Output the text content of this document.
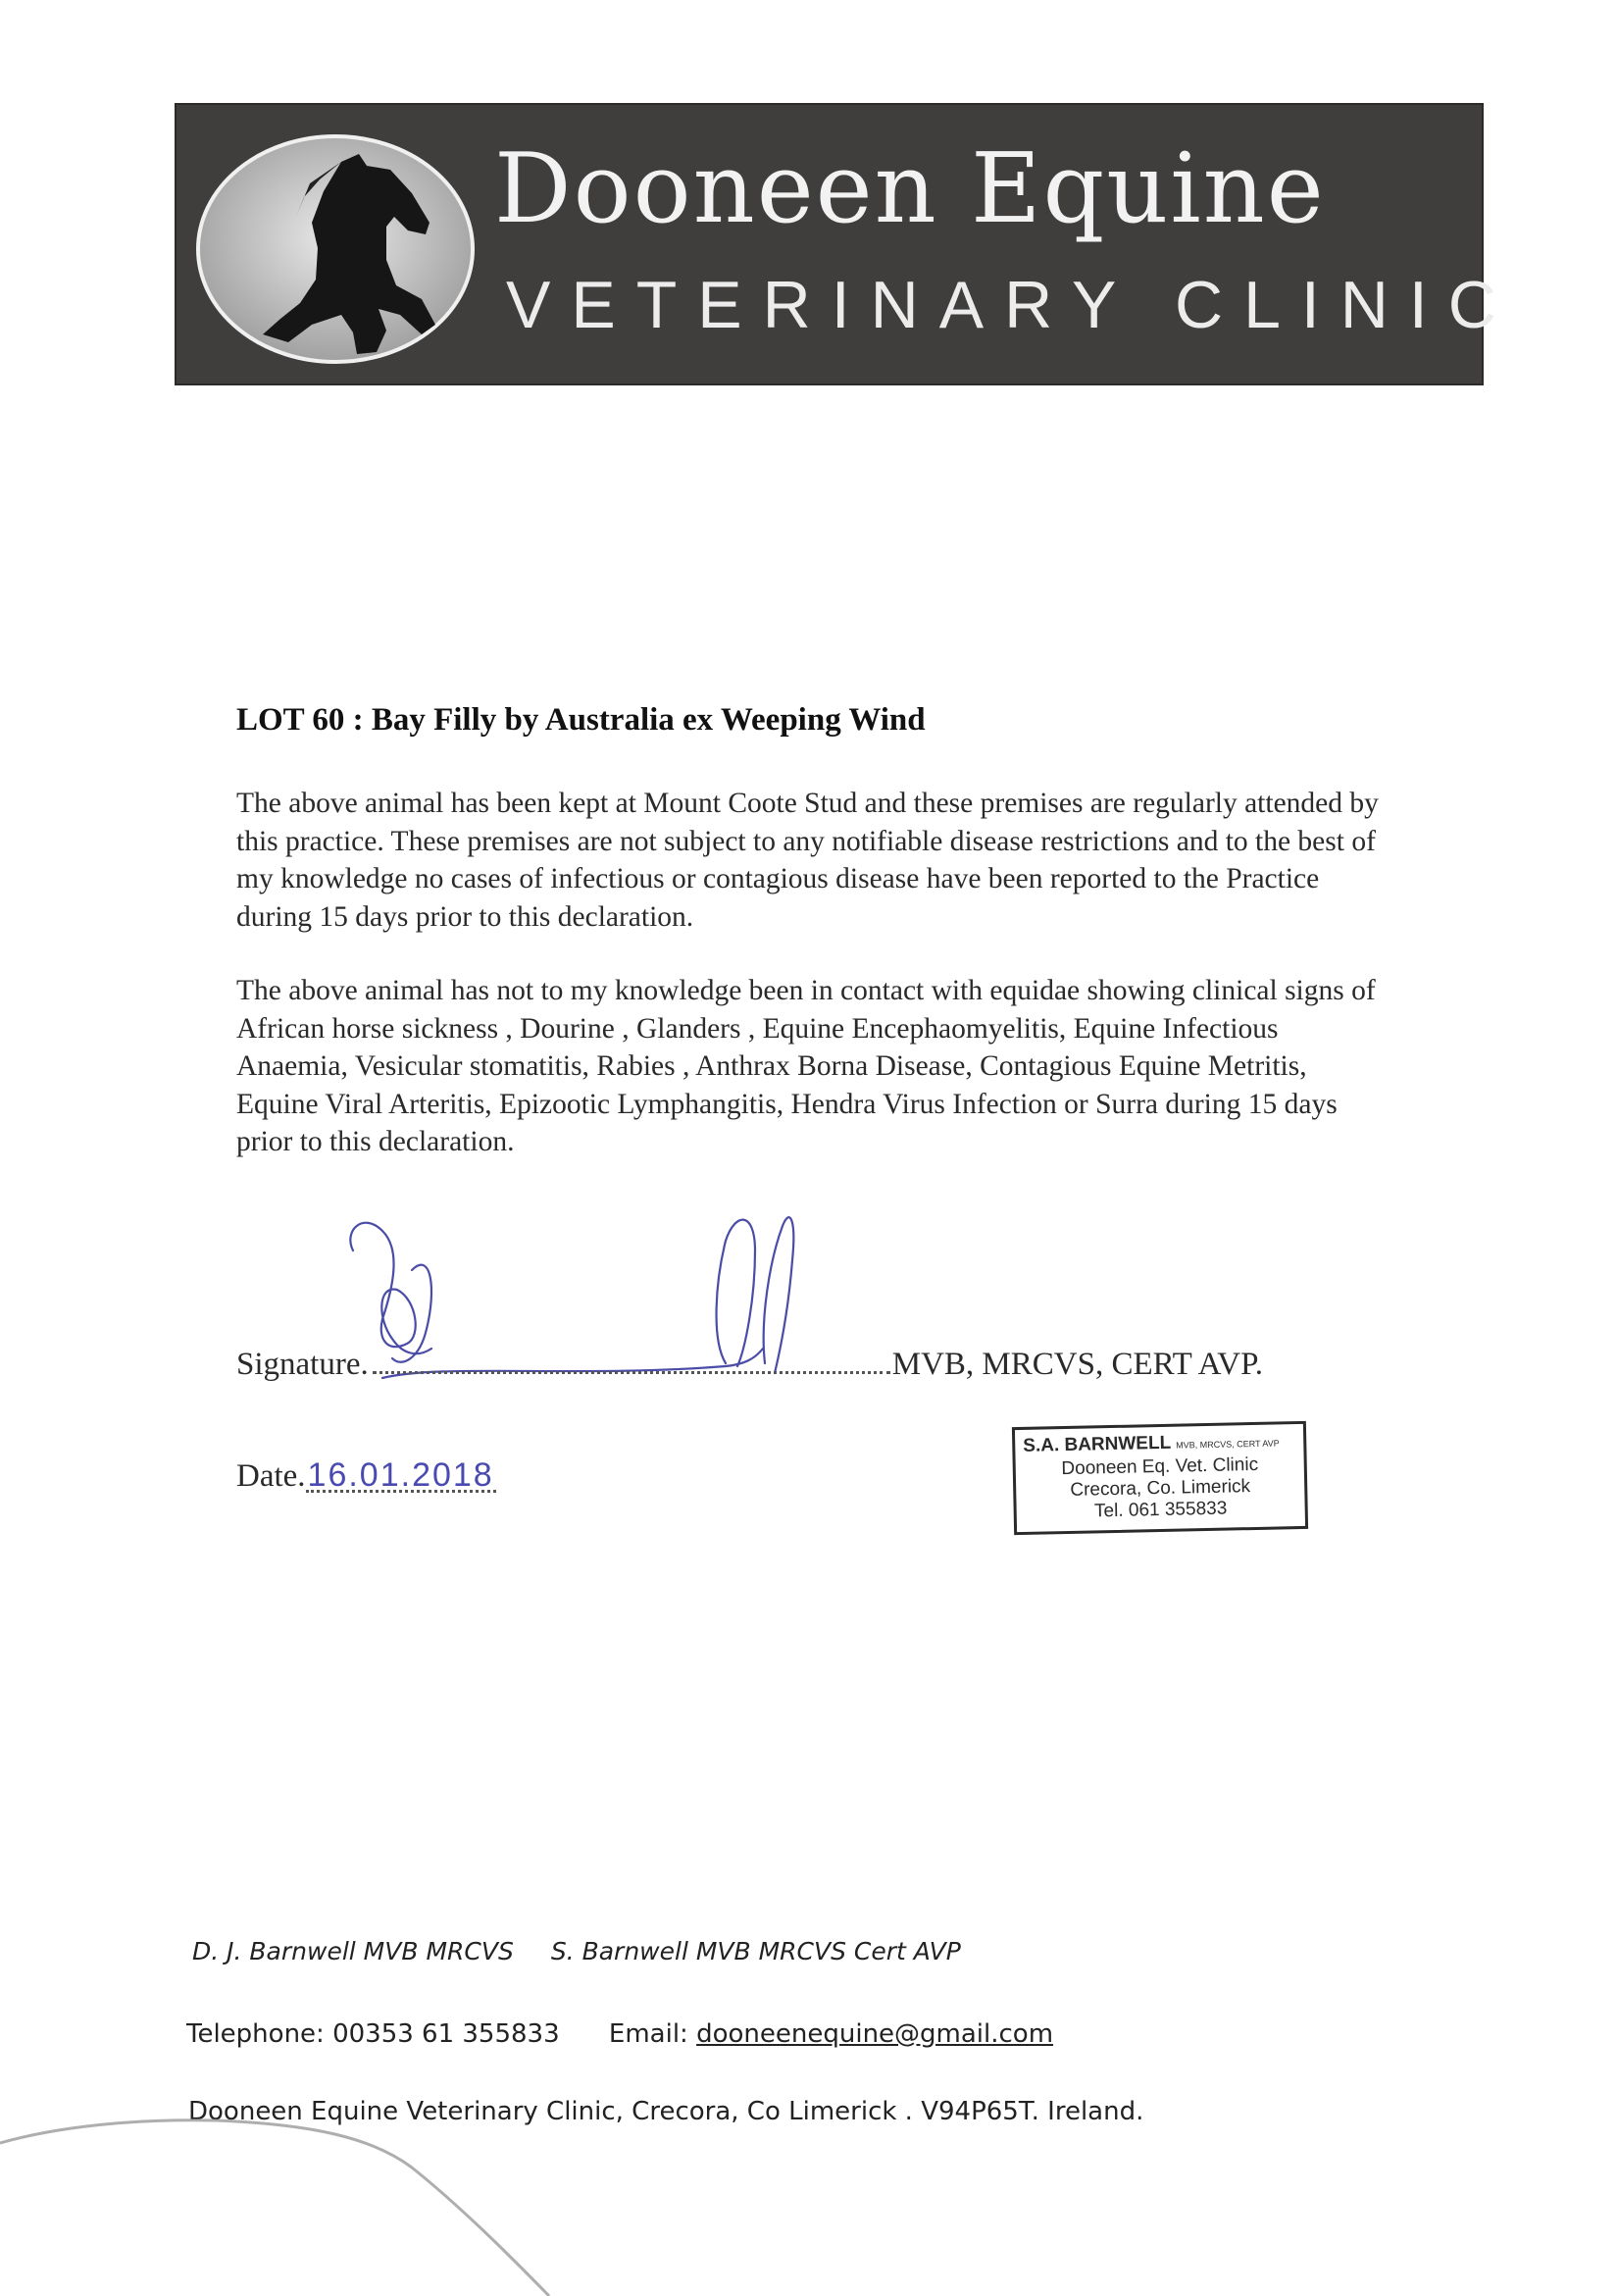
Dooneen Equine
VETERINARY CLINIC
LOT 60 : Bay Filly by Australia ex Weeping Wind
The above animal has been kept at Mount Coote Stud and these premises are regularly attended by this practice. These premises are not subject to any notifiable disease restrictions and to the best of my knowledge no cases of infectious or contagious disease have been reported to the Practice during 15 days prior to this declaration.
The above animal has not to my knowledge been in contact with equidae showing clinical signs of African horse sickness , Dourine , Glanders , Equine Encephaomyelitis, Equine Infectious Anaemia, Vesicular stomatitis, Rabies , Anthrax Borna Disease, Contagious Equine Metritis, Equine Viral Arteritis, Epizootic Lymphangitis, Hendra Virus Infection or Surra during 15 days prior to this declaration.
Signature.	MVB, MRCVS, CERT AVP.
Date.16.01.2018
S.A. BARNWELL MVB, MRCVS, CERT AVP
Dooneen Eq. Vet. Clinic
Crecora, Co. Limerick
Tel. 061 355833
D. J. Barnwell MVB MRCVS S. Barnwell MVB MRCVS Cert AVP
Telephone: 00353 61 355833 Email: dooneenequine@gmail.com
Dooneen Equine Veterinary Clinic, Crecora, Co Limerick . V94P65T. Ireland.
